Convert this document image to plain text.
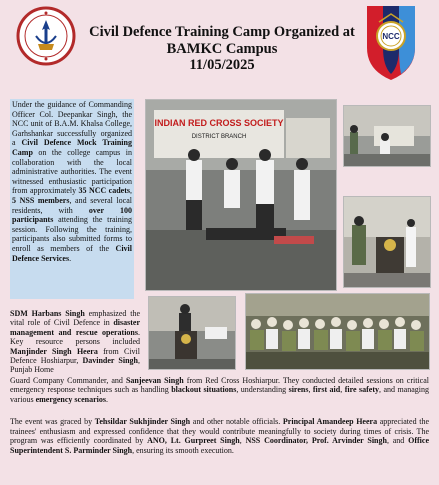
Civil Defence Training Camp Organized at
BAMKC Campus
11/05/2025
NCC
Under the guidance of Commanding Officer Col. Deepankar Singh, the NCC unit of B.A.M. Khalsa College, Garhshankar successfully organized a Civil Defence Mock Training Camp on the college campus in collaboration with the local administrative authorities. The event witnessed enthusiastic participation from approximately 35 NCC cadets, 5 NSS members, and several local residents, with over 100 participants attending the training session. Following the training, participants also submitted forms to enroll as members of the Civil Defence Services.
INDIAN RED CROSS SOCIETY
DISTRICT BRANCH
SDM Harbans Singh emphasized the vital role of Civil Defence in disaster management and rescue operations. Key resource persons included Manjinder Singh Heera from Civil Defence Hoshiarpur, Davinder Singh, Punjab Home
Guard Company Commander, and Sanjeevan Singh from Red Cross Hoshiarpur. They conducted detailed sessions on critical emergency response techniques such as handling blackout situations, understanding sirens, first aid, fire safety, and managing various emergency scenarios.
The event was graced by Tehsildar Sukhjinder Singh and other notable officials. Principal Amandeep Heera appreciated the trainees' enthusiasm and expressed confidence that they would contribute meaningfully to society during times of crisis. The program was efficiently coordinated by ANO, Lt. Gurpreet Singh, NSS Coordinator, Prof. Arvinder Singh, and Office Superintendent S. Parminder Singh, ensuring its smooth execution.
